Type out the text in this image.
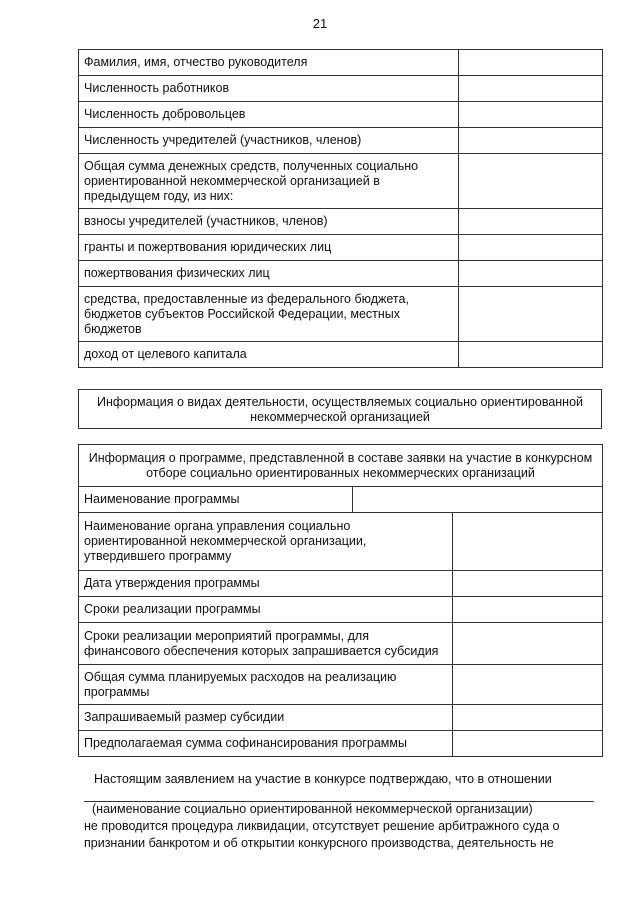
21
Фамилия, имя, отчество руководителя	
Численность работников	
Численность добровольцев	
Численность учредителей (участников, членов)	
Общая сумма денежных средств, полученных социально ориентированной некоммерческой организацией в предыдущем году, из них:	
взносы учредителей (участников, членов)	
гранты и пожертвования юридических лиц	
пожертвования физических лиц	
средства, предоставленные из федерального бюджета, бюджетов субъектов Российской Федерации, местных бюджетов	
доход от целевого капитала	
Информация о видах деятельности, осуществляемых социально ориентированной некоммерческой организацией
Информация о программе, представленной в составе заявки на участие в конкурсном отборе социально ориентированных некоммерческих организаций		
Наименование программы		
Наименование органа управления социально ориентированной некоммерческой организации, утвердившего программу		
Дата утверждения программы		
Сроки реализации программы		
Сроки реализации мероприятий программы, для финансового обеспечения которых запрашивается субсидия		
Общая сумма планируемых расходов на реализацию программы		
Запрашиваемый размер субсидии		
Предполагаемая сумма софинансирования программы		
Настоящим заявлением на участие в конкурсе подтверждаю, что в отношении
(наименование социально ориентированной некоммерческой организации)
не проводится процедура ликвидации, отсутствует решение арбитражного суда о
признании банкротом и об открытии конкурсного производства, деятельность не
